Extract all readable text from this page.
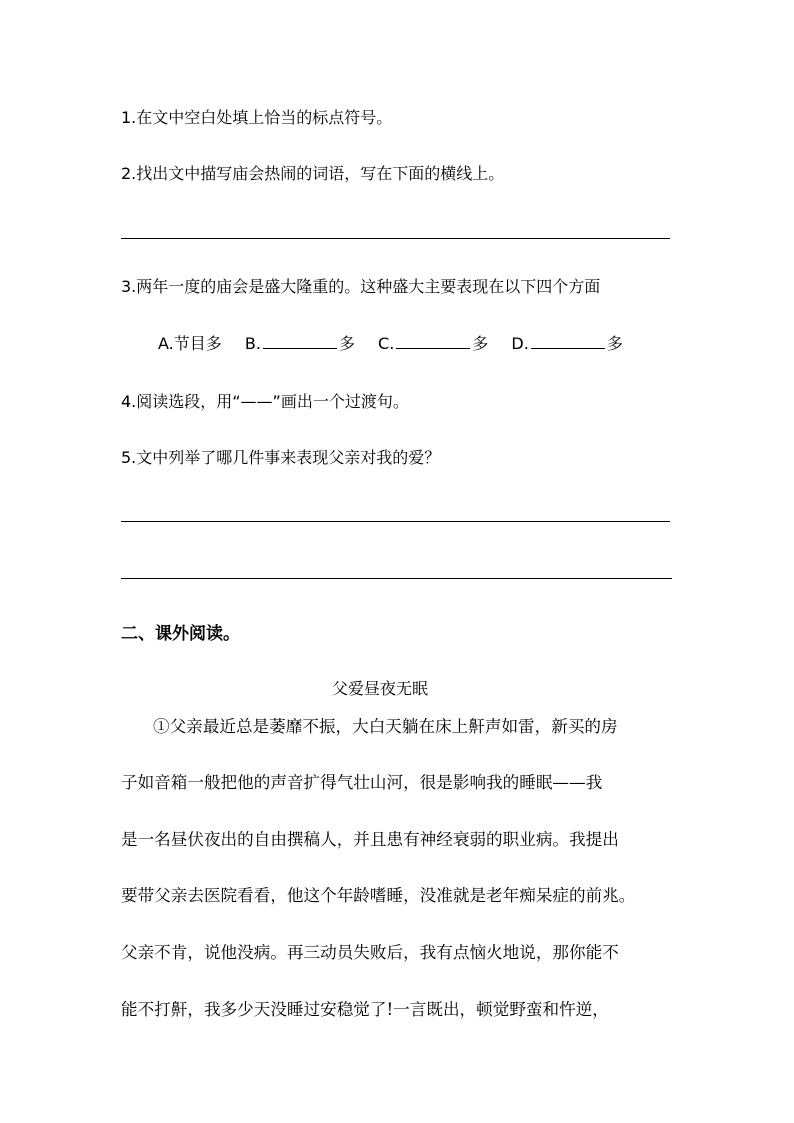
1.在文中空白处填上恰当的标点符号。
2.找出文中描写庙会热闹的词语，写在下面的横线上。
3.两年一度的庙会是盛大隆重的。这种盛大主要表现在以下四个方面
A.节目多 B.	多 C.	多 D.	多
4.阅读选段，用“——”画出一个过渡句。
5.文中列举了哪几件事来表现父亲对我的爱？
二、课外阅读。
父爱昼夜无眠
①父亲最近总是萎靡不振，大白天躺在床上鼾声如雷，新买的房
子如音箱一般把他的声音扩得气壮山河，很是影响我的睡眠——我
是一名昼伏夜出的自由撰稿人，并且患有神经衰弱的职业病。我提出
要带父亲去医院看看，他这个年龄嗜睡，没准就是老年痴呆症的前兆。
父亲不肯，说他没病。再三动员失败后，我有点恼火地说，那你能不
能不打鼾，我多少天没睡过安稳觉了!一言既出，顿觉野蛮和忤逆，
